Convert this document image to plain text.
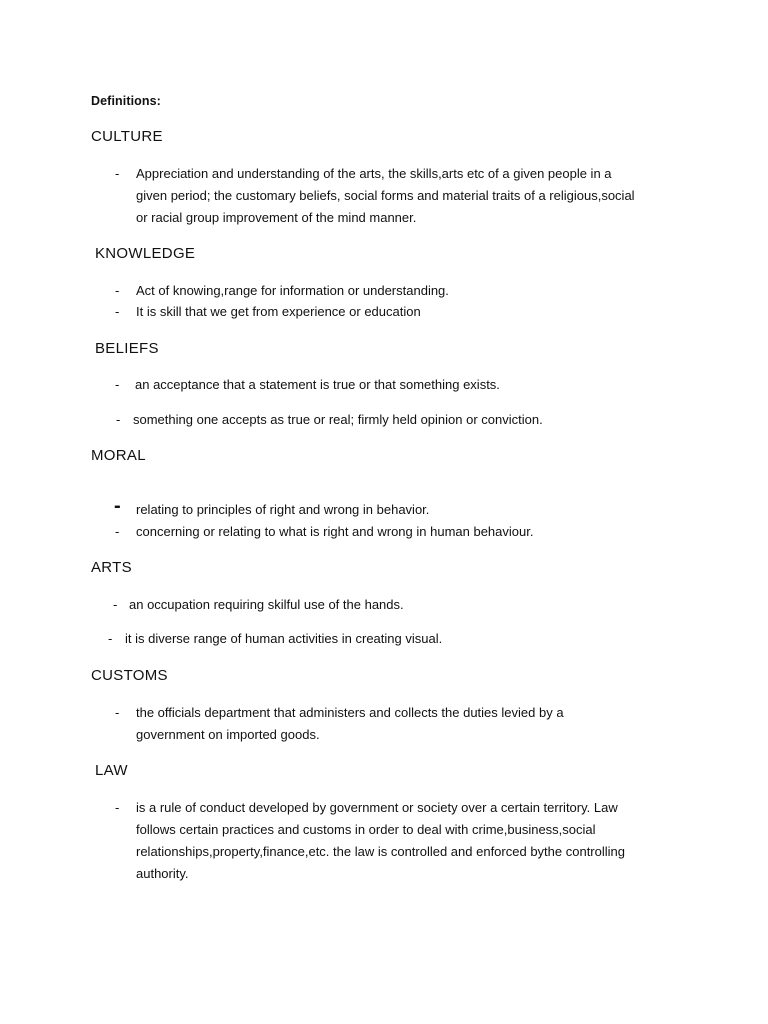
Definitions:
CULTURE
- Appreciation and understanding of the arts, the skills,arts etc of a given people in a
given period; the customary beliefs, social forms and material traits of a religious,social
or racial group improvement of the mind manner.
KNOWLEDGE
- Act of knowing,range for information or understanding.
- It is skill that we get from experience or education
BELIEFS
- an acceptance that a statement is true or that something exists.
- something one accepts as true or real; firmly held opinion or conviction.
MORAL
- relating to principles of right and wrong in behavior.
- concerning or relating to what is right and wrong in human behaviour.
ARTS
- an occupation requiring skilful use of the hands.
- it is diverse range of human activities in creating visual.
CUSTOMS
- the officials department that administers and collects the duties levied by a
government on imported goods.
LAW
- is a rule of conduct developed by government or society over a certain territory. Law
follows certain practices and customs in order to deal with crime,business,social
relationships,property,finance,etc. the law is controlled and enforced bythe controlling
authority.
